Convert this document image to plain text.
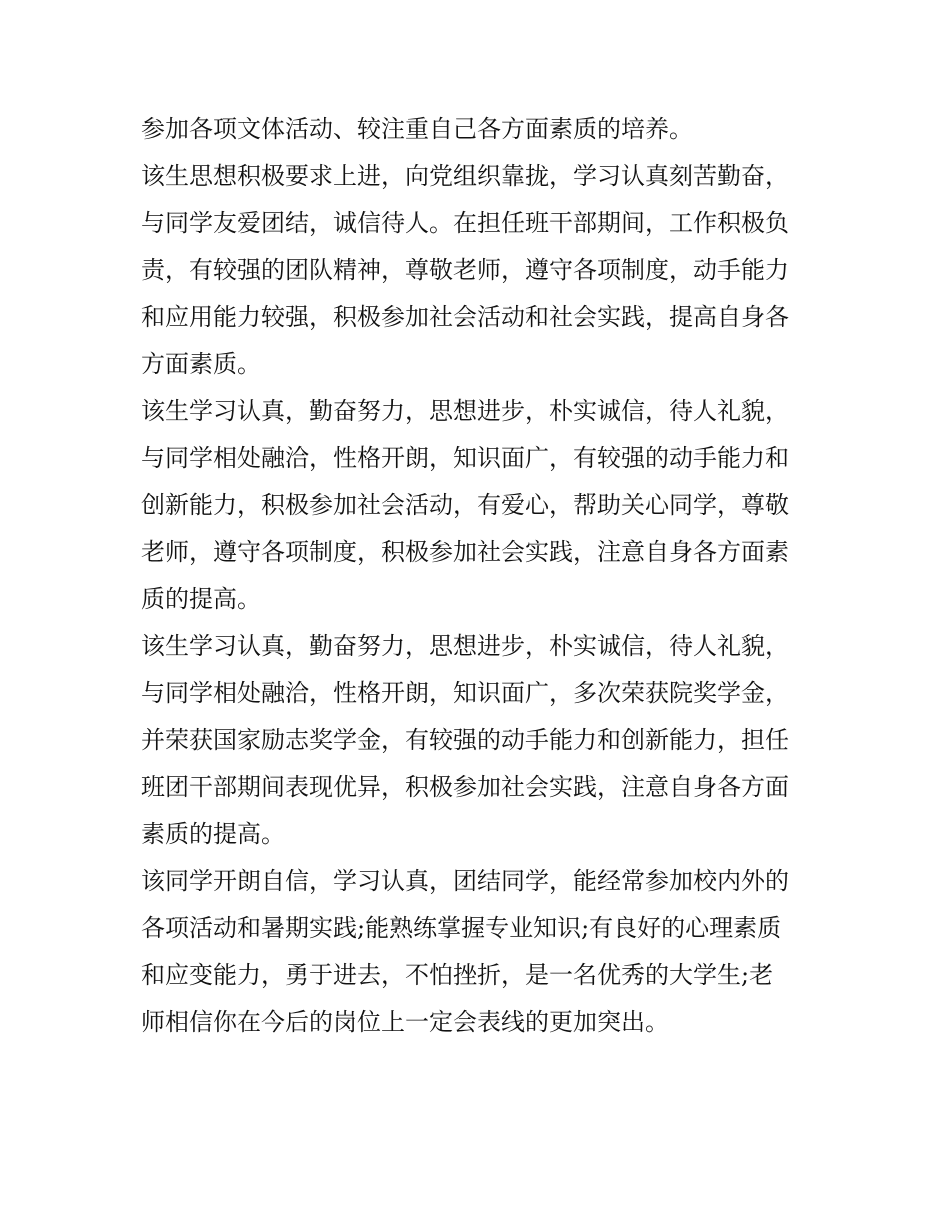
参加各项文体活动、较注重自己各方面素质的培养。

该生思想积极要求上进，向党组织靠拢，学习认真刻苦勤奋，

与同学友爱团结，诚信待人。在担任班干部期间，工作积极负

责，有较强的团队精神，尊敬老师，遵守各项制度，动手能力

和应用能力较强，积极参加社会活动和社会实践，提高自身各

方面素质。

该生学习认真，勤奋努力，思想进步，朴实诚信，待人礼貌，

与同学相处融洽，性格开朗，知识面广，有较强的动手能力和

创新能力，积极参加社会活动，有爱心，帮助关心同学，尊敬

老师，遵守各项制度，积极参加社会实践，注意自身各方面素

质的提高。

该生学习认真，勤奋努力，思想进步，朴实诚信，待人礼貌，

与同学相处融洽，性格开朗，知识面广，多次荣获院奖学金，

并荣获国家励志奖学金，有较强的动手能力和创新能力，担任

班团干部期间表现优异，积极参加社会实践，注意自身各方面

素质的提高。

该同学开朗自信，学习认真，团结同学，能经常参加校内外的

各项活动和暑期实践;能熟练掌握专业知识;有良好的心理素质

和应变能力，勇于进去，不怕挫折，是一名优秀的大学生;老

师相信你在今后的岗位上一定会表线的更加突出。
